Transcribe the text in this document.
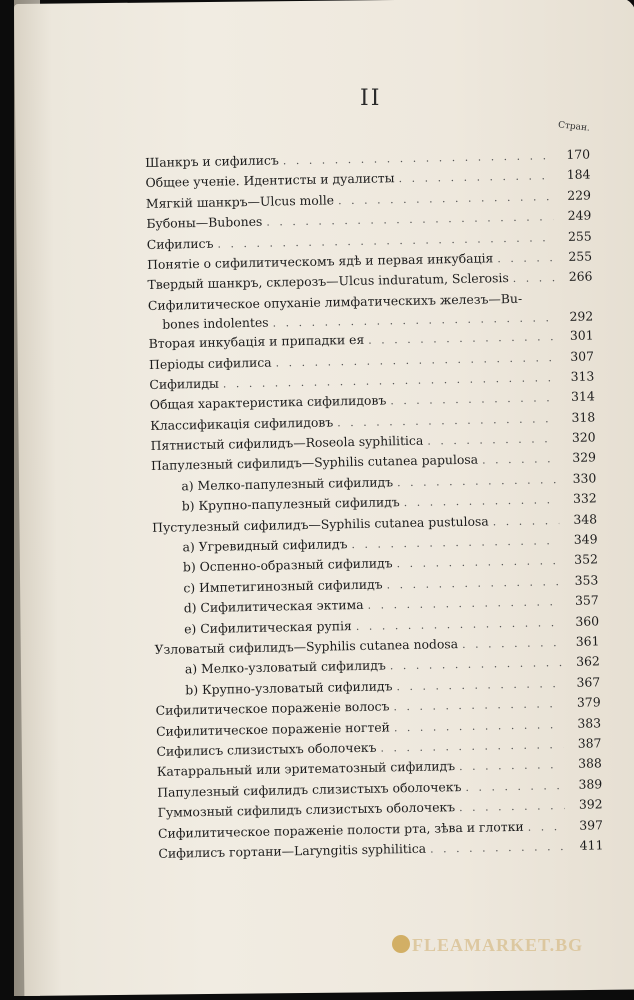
II
Стран.
Шанкръ и сифилисъ . . .	170
Общее ученіе. Идентисты и дуалисты . . .	184
Мягкій шанкръ—Ulcus molle . . .	229
Бубоны—Bubones . . .	249
Сифилисъ . . .	255
Понятіе о сифилитическомъ ядѣ и первая инкубація . . .	255
Твердый шанкръ, склерозъ—Ulcus induratum, Sclerosis . . .	266
Сифилитическое опуханіе лимфатическихъ железъ—Bu-
bones indolentes . . .	292
Вторая инкубація и припадки ея . . .	301
Періоды сифилиса . . .	307
Сифилиды . . .	313
Общая характеристика сифилидовъ . . .	314
Классификація сифилидовъ . . .	318
Пятнистый сифилидъ—Roseola syphilitica . . .	320
Папулезный сифилидъ—Syphilis cutanea papulosa . . .	329
a) Мелко-папулезный сифилидъ . . .	330
b) Крупно-папулезный сифилидъ . . .	332
Пустулезный сифилидъ—Syphilis cutanea pustulosa . . .	348
a) Угревидный сифилидъ . . .	349
b) Оспенно-образный сифилидъ . . .	352
c) Импетигинозный сифилидъ . . .	353
d) Сифилитическая эктима . . .	357
e) Сифилитическая рупія . . .	360
Узловатый сифилидъ—Syphilis cutanea nodosa . . .	361
a) Мелко-узловатый сифилидъ . . .	362
b) Крупно-узловатый сифилидъ . . .	367
Сифилитическое пораженіе волосъ . . .	379
Сифилитическое пораженіе ногтей . . .	383
Сифилисъ слизистыхъ оболочекъ . . .	387
Катарральный или эритематозный сифилидъ . . .	388
Папулезный сифилидъ слизистыхъ оболочекъ . . .	389
Гуммозный сифилидъ слизистыхъ оболочекъ . . .	392
Сифилитическое пораженіе полости рта, зѣва и глотки . . .	397
Сифилисъ гортани—Laryngitis syphilitica . . .	411
FLEAMARKET.BG
